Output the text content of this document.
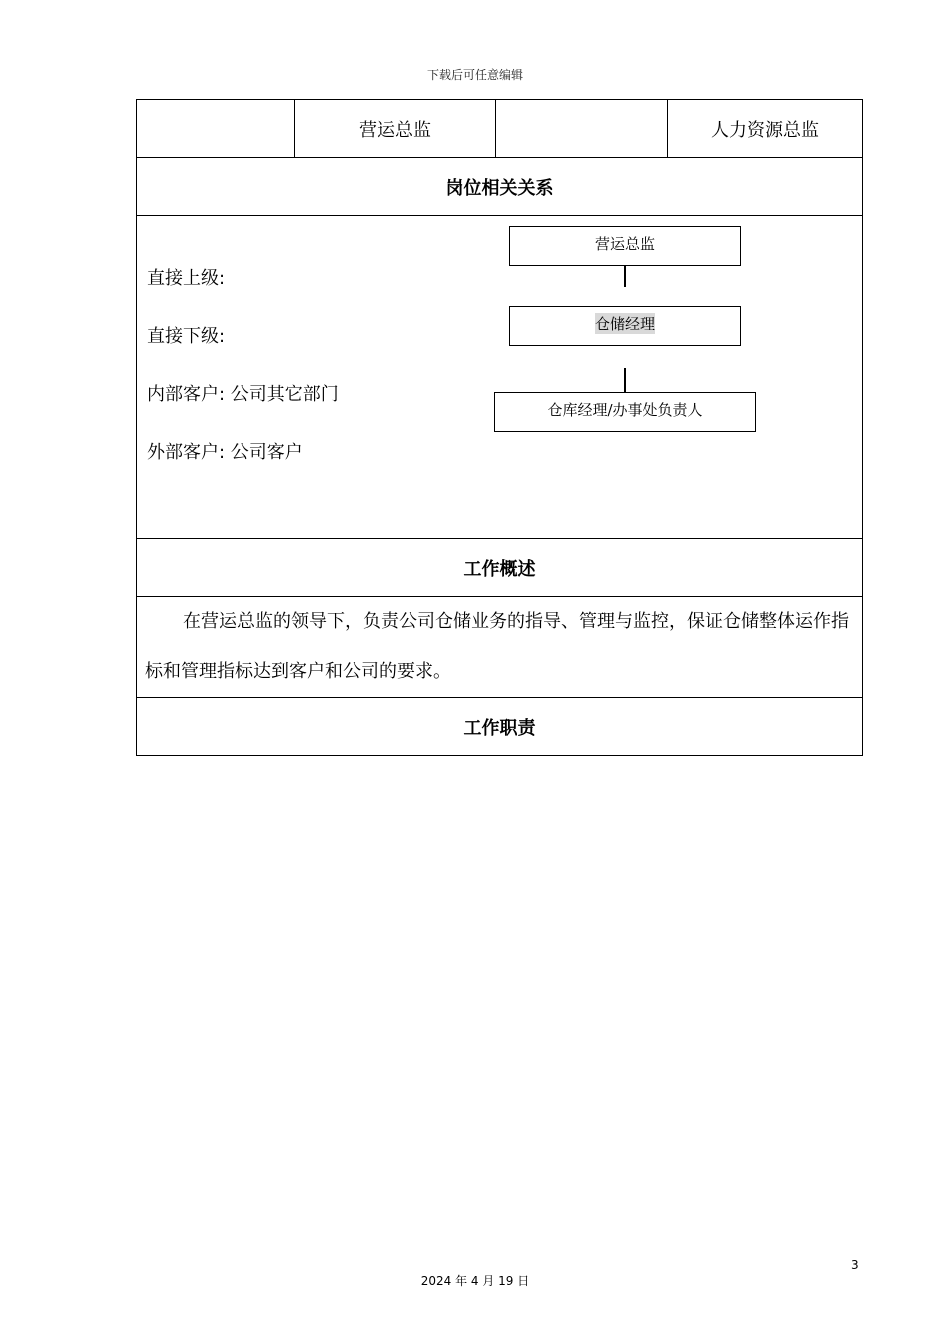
下载后可任意编辑
	营运总监		人力资源总监
岗位相关关系

直接上级:
直接下级:
内部客户: 公司其它部门
外部客户: 公司客户
营运总监
仓储经理
仓库经理/办事处负责人

工作概述

在营运总监的领导下，负责公司仓储业务的指导、管理与监控，保证仓储整体运作指标和管理指标达到客户和公司的要求。

工作职责
3
2024 年 4 月 19 日
